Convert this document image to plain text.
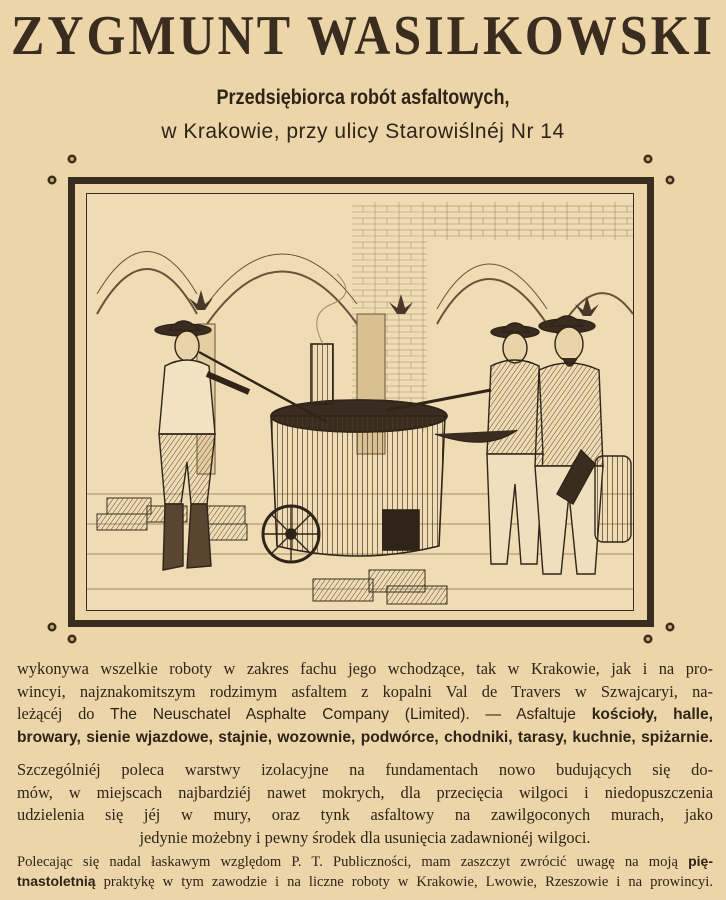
ZYGMUNT WASILKOWSKI
Przedsiębiorca robót asfaltowych,
w Krakowie, przy ulicy Starowiślnéj Nr 14
wykonywa wszelkie roboty w zakres fachu jego wchodzące, tak w Krakowie, jak i na pro-
wincyi, najznakomitszym rodzimym asfaltem z kopalni Val de Travers w Szwajcaryi, na-
leżącéj do The Neuschatel Asphalte Company (Limited). — Asfaltuje kościoły, halle,
browary, sienie wjazdowe, stajnie, wozownie, podwórce, chodniki, tarasy, kuchnie, spiżarnie.
Szczególniéj poleca warstwy izolacyjne na fundamentach nowo budujących się do-
mów, w miejscach najbardziéj nawet mokrych, dla przecięcia wilgoci i niedopuszczenia
udzielenia się jéj w mury, oraz tynk asfaltowy na zawilgoconych murach, jako
jedynie możebny i pewny środek dla usunięcia zadawnionéj wilgoci.
Polecając się nadal łaskawym względom P. T. Publiczności, mam zaszczyt zwrócić uwagę na moją pię-
tnastoletnią praktykę w tym zawodzie i na liczne roboty w Krakowie, Lwowie, Rzeszowie i na prowincyi.
